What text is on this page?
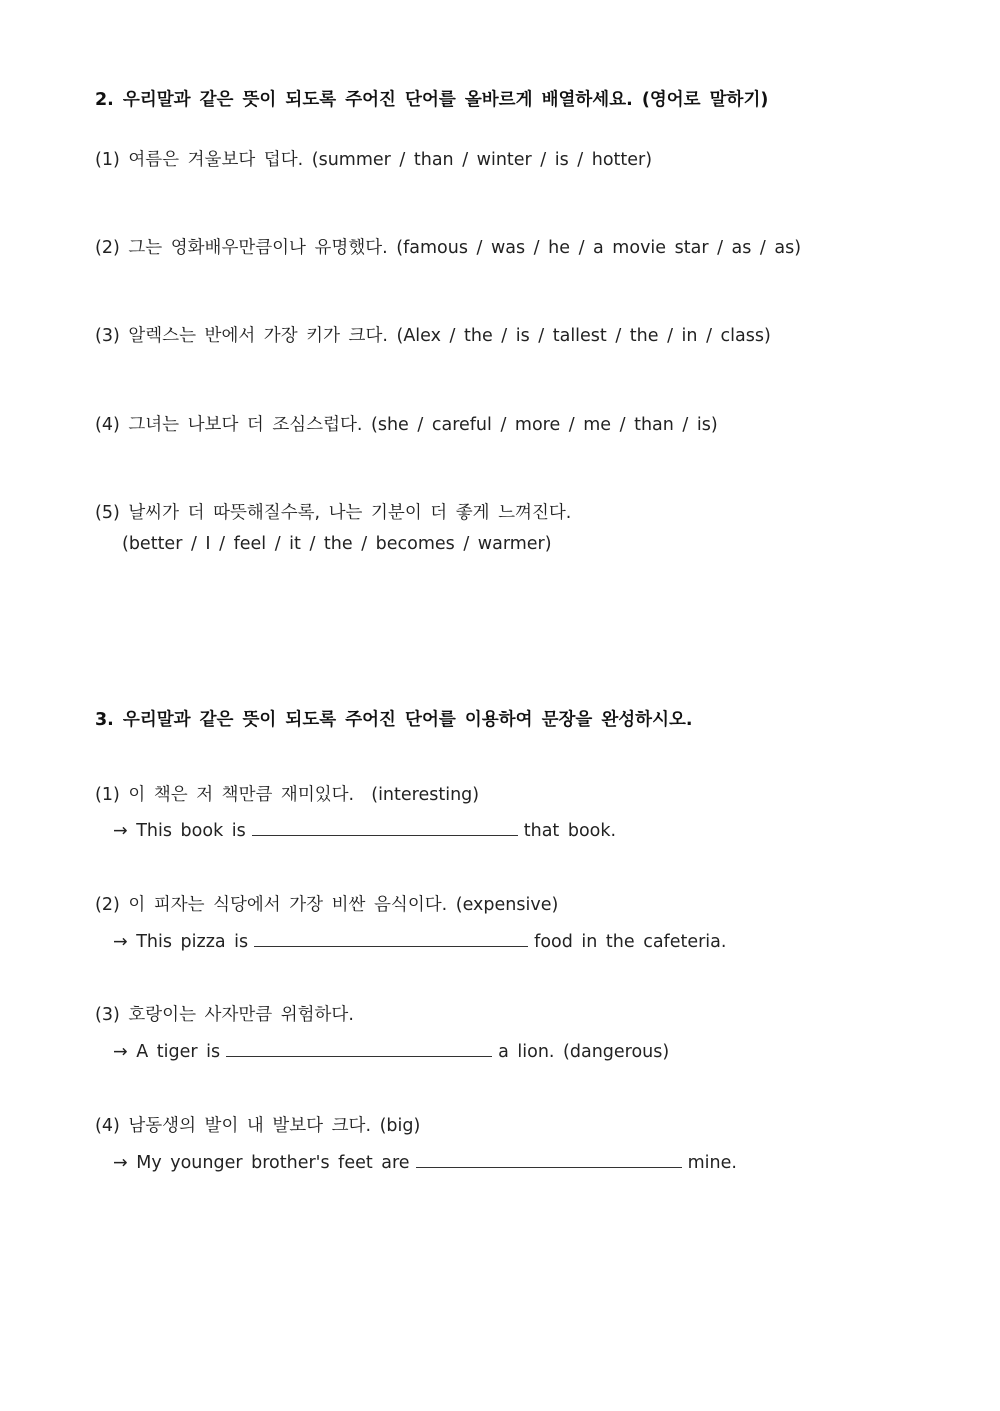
2. 우리말과 같은 뜻이 되도록 주어진 단어를 올바르게 배열하세요. (영어로 말하기)
(1) 여름은 겨울보다 덥다. (summer / than / winter / is / hotter)
(2) 그는 영화배우만큼이나 유명했다. (famous / was / he / a movie star / as / as)
(3) 알렉스는 반에서 가장 키가 크다. (Alex / the / is / tallest / the / in / class)
(4) 그녀는 나보다 더 조심스럽다. (she / careful / more / me / than / is)
(5) 날씨가 더 따뜻해질수록, 나는 기분이 더 좋게 느껴진다.
(better / I / feel / it / the / becomes / warmer)
3. 우리말과 같은 뜻이 되도록 주어진 단어를 이용하여 문장을 완성하시오.
(1) 이 책은 저 책만큼 재미있다.  (interesting)
→ This book is	that book.
(2) 이 피자는 식당에서 가장 비싼 음식이다. (expensive)
→ This pizza is	food in the cafeteria.
(3) 호랑이는 사자만큼 위험하다.
→ A tiger is	a lion. (dangerous)
(4) 남동생의 발이 내 발보다 크다. (big)
→ My younger brother's feet are	mine.
